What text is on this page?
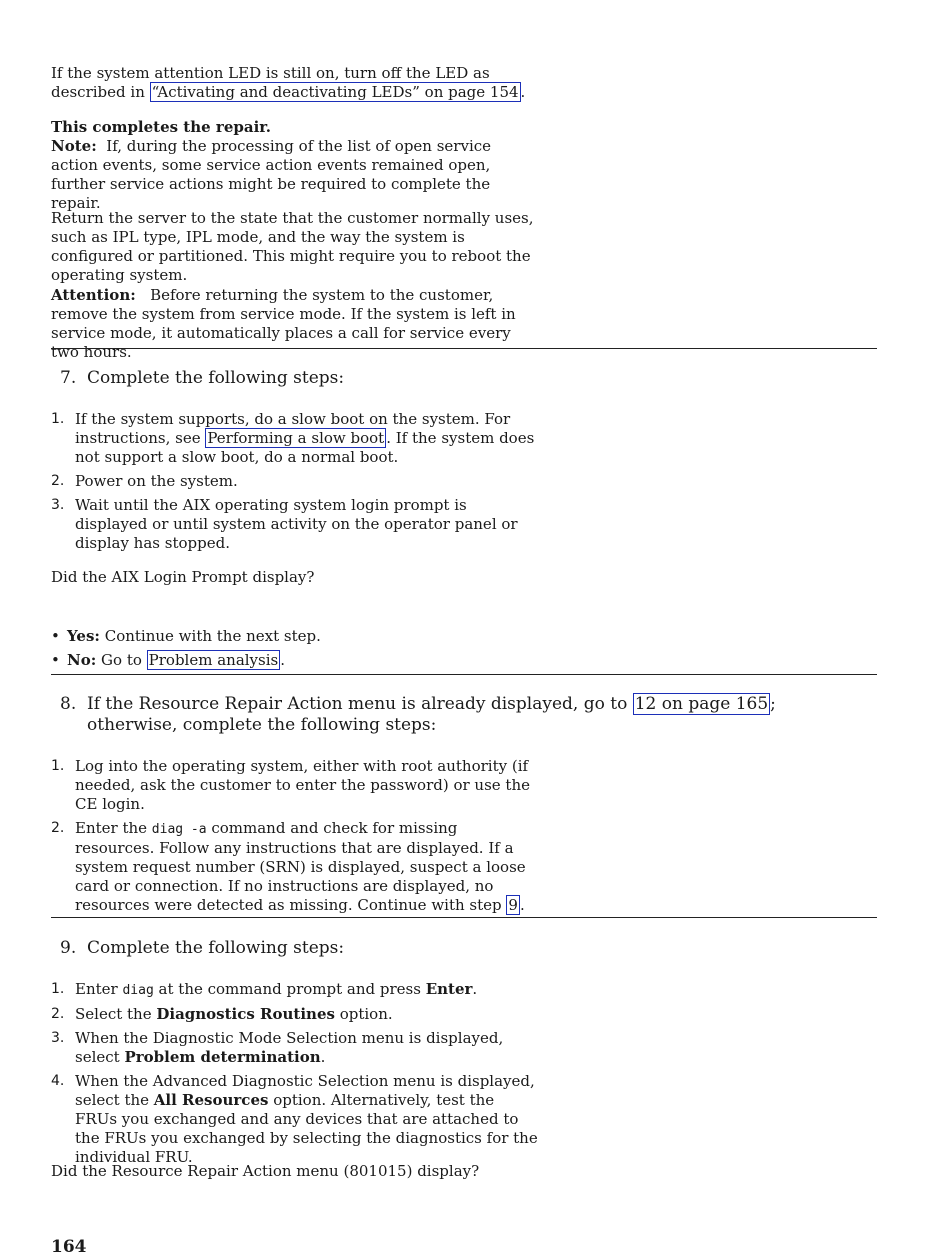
If the system attention LED is still on, turn off the LED as described in “Activating and deactivating LEDs” on page 154 .

This completes the repair.

Note: If, during the processing of the list of open service action events, some service action events remained open, further service actions might be required to complete the repair.

Return the server to the state that the customer normally uses, such as IPL type, IPL mode, and the way the system is configured or partitioned. This might require you to reboot the operating system.

Attention: Before returning the system to the customer, remove the system from service mode. If the system is left in service mode, it automatically places a call for service every two hours.

7. Complete the following steps:
1. If the system supports, do a slow boot on the system. For instructions, see Performing a slow boot . If the system does not support a slow boot, do a normal boot.
2. Power on the system.
3. Wait until the AIX operating system login prompt is displayed or until system activity on the operator panel or display has stopped.

Did the AIX Login Prompt display?

• Yes: Continue with the next step.
• No: Go to Problem analysis .
8. If the Resource Repair Action menu is already displayed, go to 12 on page 165 ; otherwise, complete the following steps:
1. Log into the operating system, either with root authority (if needed, ask the customer to enter the password) or use the CE login.
2. Enter the diag -a command and check for missing resources. Follow any instructions that are displayed. If a system request number (SRN) is displayed, suspect a loose card or connection. If no instructions are displayed, no resources were detected as missing. Continue with step 9 .
9. Complete the following steps:
1. Enter diag at the command prompt and press Enter.
2. Select the Diagnostics Routines option.
3. When the Diagnostic Mode Selection menu is displayed, select Problem determination.
4. When the Advanced Diagnostic Selection menu is displayed, select the All Resources option. Alternatively, test the FRUs you exchanged and any devices that are attached to the FRUs you exchanged by selecting the diagnostics for the individual FRU.

Did the Resource Repair Action menu (801015) display?

164
